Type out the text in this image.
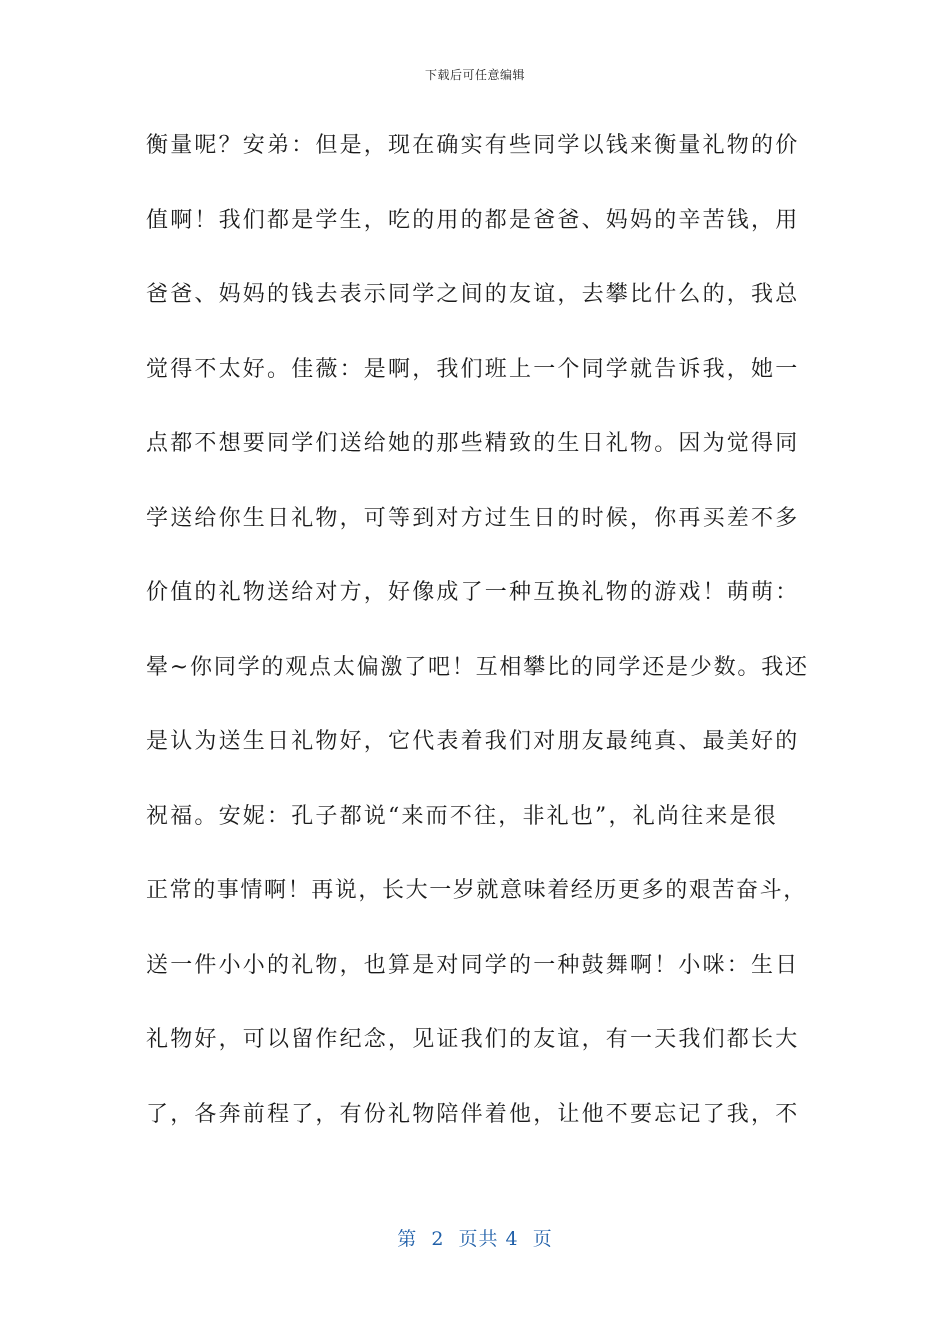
下载后可任意编辑
衡量呢？安弟：但是，现在确实有些同学以钱来衡量礼物的价
值啊！我们都是学生，吃的用的都是爸爸、妈妈的辛苦钱，用
爸爸、妈妈的钱去表示同学之间的友谊，去攀比什么的，我总
觉得不太好。佳薇：是啊，我们班上一个同学就告诉我，她一
点都不想要同学们送给她的那些精致的生日礼物。因为觉得同
学送给你生日礼物，可等到对方过生日的时候，你再买差不多
价值的礼物送给对方，好像成了一种互换礼物的游戏！萌萌：
晕~你同学的观点太偏激了吧！互相攀比的同学还是少数。我还
是认为送生日礼物好，它代表着我们对朋友最纯真、最美好的
祝福。安妮：孔子都说“来而不往，非礼也”，礼尚往来是很
正常的事情啊！再说，长大一岁就意味着经历更多的艰苦奋斗，
送一件小小的礼物，也算是对同学的一种鼓舞啊！小咪：生日
礼物好，可以留作纪念，见证我们的友谊，有一天我们都长大
了，各奔前程了，有份礼物陪伴着他，让他不要忘记了我，不
第  2  页共 4  页
